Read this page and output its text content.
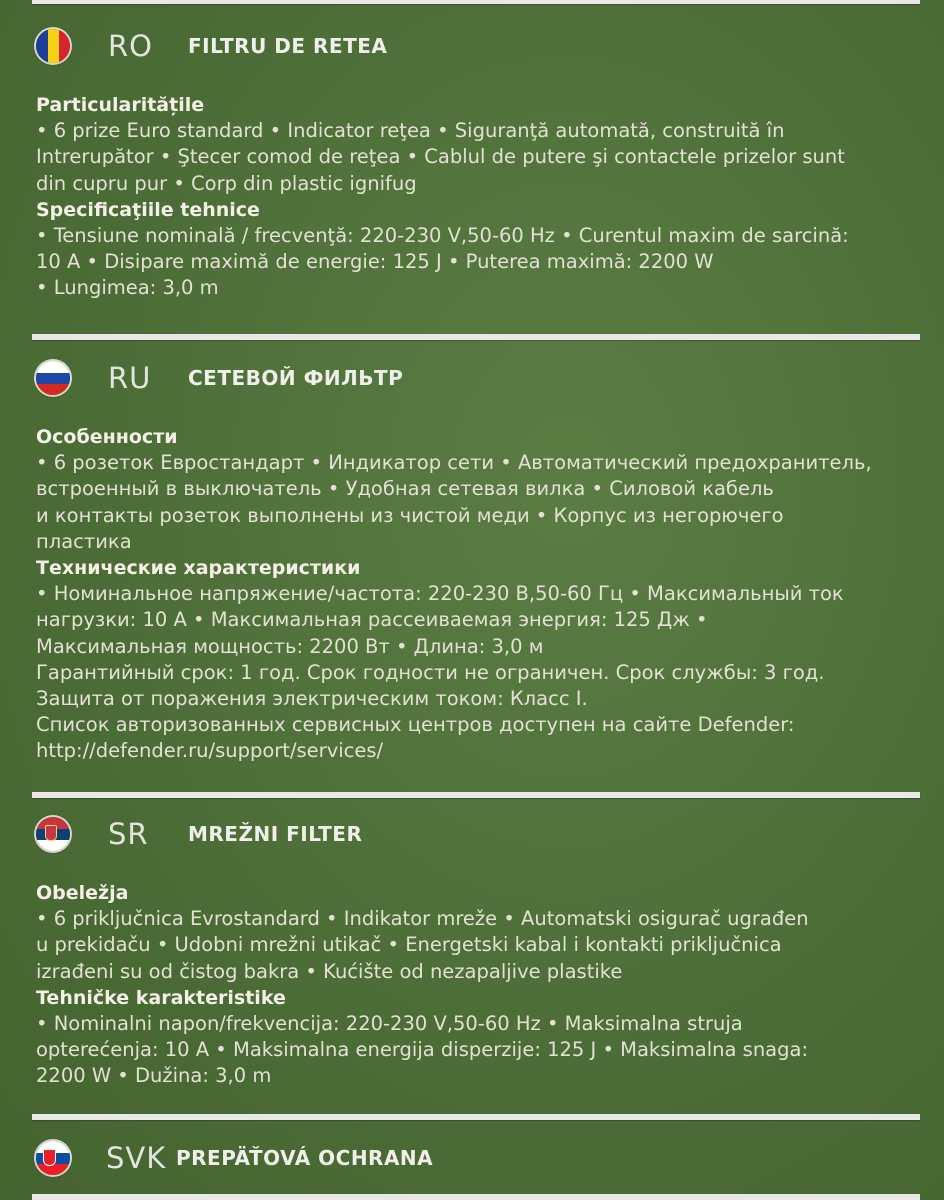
RO	FILTRU DE RETEA

Particularitățile

• 6 prize Euro standard • Indicator reţea • Siguranţă automată, construită în

Intrerupător • Ştecer comod de reţea • Cablul de putere şi contactele prizelor sunt

din cupru pur • Corp din plastic ignifug

Specificaţiile tehnice

• Tensiune nominală / frecvenţă: 220-230 V,50-60 Hz • Curentul maxim de sarcină:

10 A • Disipare maximă de energie: 125 J • Puterea maximă: 2200 W

• Lungimea: 3,0 m

RU	СЕТЕВОЙ ФИЛЬТР

Особенности

• 6 розеток Евростандарт • Индикатор сети • Автоматический предохранитель,

встроенный в выключатель • Удобная сетевая вилка • Силовой кабель

и контакты розеток выполнены из чистой меди • Корпус из негорючего

пластика

Технические характеристики

• Номинальное напряжение/частота: 220-230 В,50-60 Гц • Максимальный ток

нагрузки: 10 А • Максимальная рассеиваемая энергия: 125 Дж •

Максимальная мощность: 2200 Вт • Длина: 3,0 м

Гарантийный срок: 1 год. Срок годности не ограничен. Срок службы: 3 год.

Защита от поражения электрическим током: Класс I.

Список авторизованных сервисных центров доступен на сайте Defender:

http://defender.ru/support/services/

SR	MREŽNI FILTER

Obeležja

• 6 priključnica Evrostandard • Indikator mreže • Automatski osigurač ugrađen

u prekidaču • Udobni mrežni utikač • Energetski kabal i kontakti priključnica

izrađeni su od čistog bakra • Kućište od nezapaljive plastike

Tehničke karakteristike

• Nominalni napon/frekvencija: 220-230 V,50-60 Hz • Maksimalna struja

opterećenja: 10 A • Maksimalna energija disperzije: 125 J • Maksimalna snaga:

2200 W • Dužina: 3,0 m

SVK PREPÄŤOVÁ OCHRANA
